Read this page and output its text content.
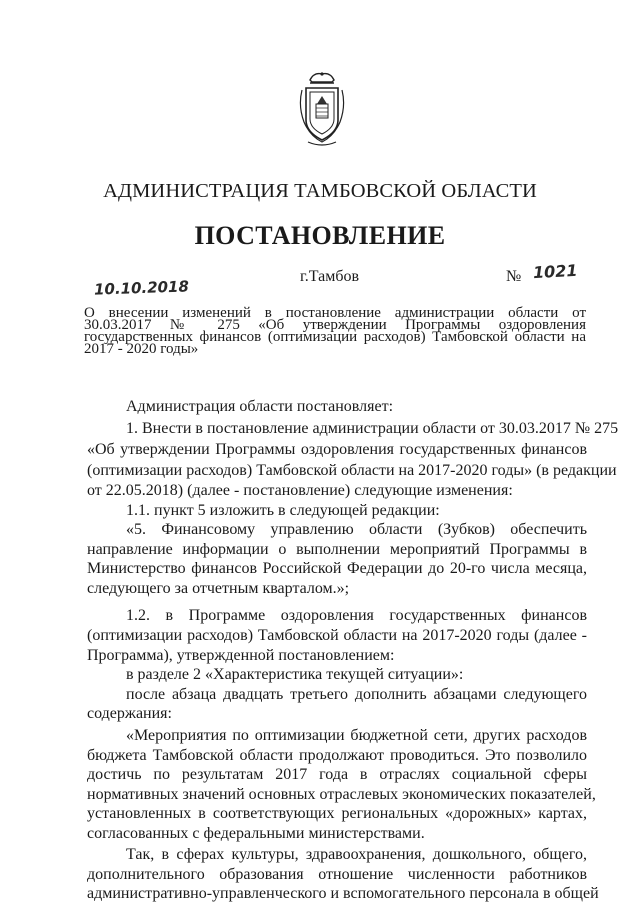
АДМИНИСТРАЦИЯ ТАМБОВСКОЙ ОБЛАСТИ
ПОСТАНОВЛЕНИЕ
10.10.2018
г.Тамбов	№ 1021
О внесении изменений в постановление администрации области от 30.03.2017 № 275 «Об утверждении Программы оздоровления государственных финансов (оптимизации расходов) Тамбовской области на 2017 - 2020 годы»
Администрация области постановляет:
1. Внести в постановление администрации области от 30.03.2017 № 275
«Об утверждении Программы оздоровления государственных финансов
(оптимизации расходов) Тамбовской области на 2017-2020 годы» (в редакции
от 22.05.2018) (далее - постановление) следующие изменения:
1.1. пункт 5 изложить в следующей редакции:
«5. Финансовому управлению области (Зубков) обеспечить
направление информации о выполнении мероприятий Программы в
Министерство финансов Российской Федерации до 20-го числа месяца,
следующего за отчетным кварталом.»;
1.2. в Программе оздоровления государственных финансов
(оптимизации расходов) Тамбовской области на 2017-2020 годы (далее -
Программа), утвержденной постановлением:
в разделе 2 «Характеристика текущей ситуации»:
после абзаца двадцать третьего дополнить абзацами следующего
содержания:
«Мероприятия по оптимизации бюджетной сети, других расходов
бюджета Тамбовской области продолжают проводиться. Это позволило
достичь по результатам 2017 года в отраслях социальной сферы
нормативных значений основных отраслевых экономических показателей,
установленных в соответствующих региональных «дорожных» картах,
согласованных с федеральными министерствами.
Так, в сферах культуры, здравоохранения, дошкольного, общего,
дополнительного образования отношение численности работников
административно-управленческого и вспомогательного персонала в общей
